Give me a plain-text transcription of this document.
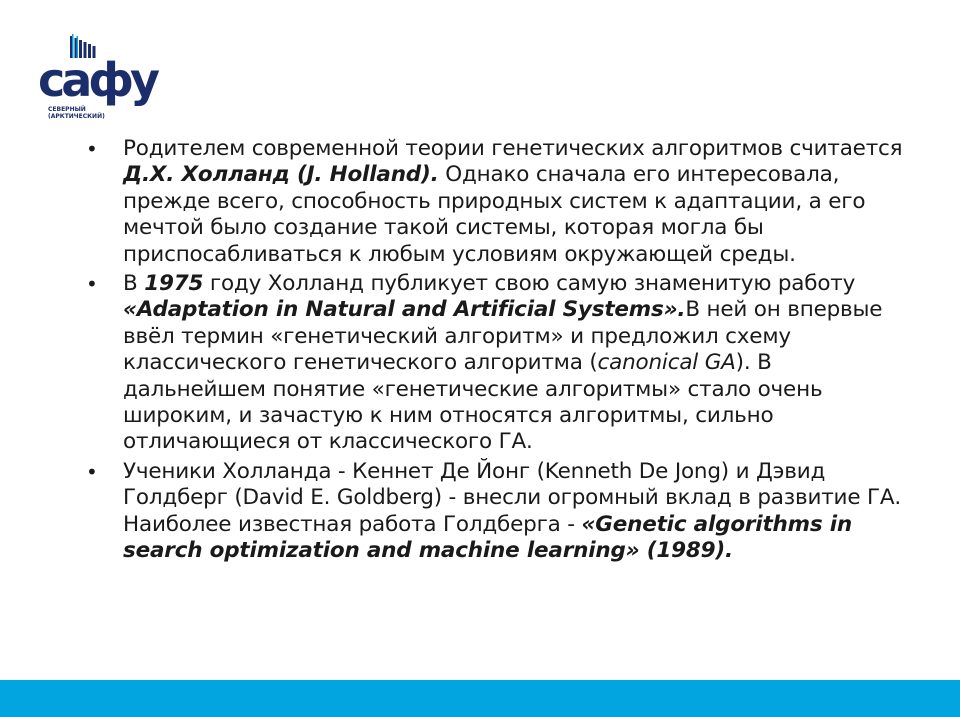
сафу
СЕВЕРНЫЙ
(АРКТИЧЕСКИЙ)
• Родителем современной теории генетических алгоритмов считается Д.Х. Холланд (J. Holland). Однако сначала его интересовала, прежде всего, способность природных систем к адаптации, а его мечтой было создание такой системы, которая могла бы приспосабливаться к любым условиям окружающей среды.
• В 1975 году Холланд публикует свою самую знаменитую работу «Adaptation in Natural and Artificial Systems».В ней он впервые ввёл термин «генетический алгоритм» и предложил схему классического генетического алгоритма (canonical GA). В дальнейшем понятие «генетические алгоритмы» стало очень широким, и зачастую к ним относятся алгоритмы, сильно отличающиеся от классического ГА.
• Ученики Холланда - Кеннет Де Йонг (Kenneth De Jong) и Дэвид Голдберг (David E. Goldberg) - внесли огромный вклад в развитие ГА. Наиболее известная работа Голдберга - «Genetic algorithms in search optimization and machine learning» (1989).
